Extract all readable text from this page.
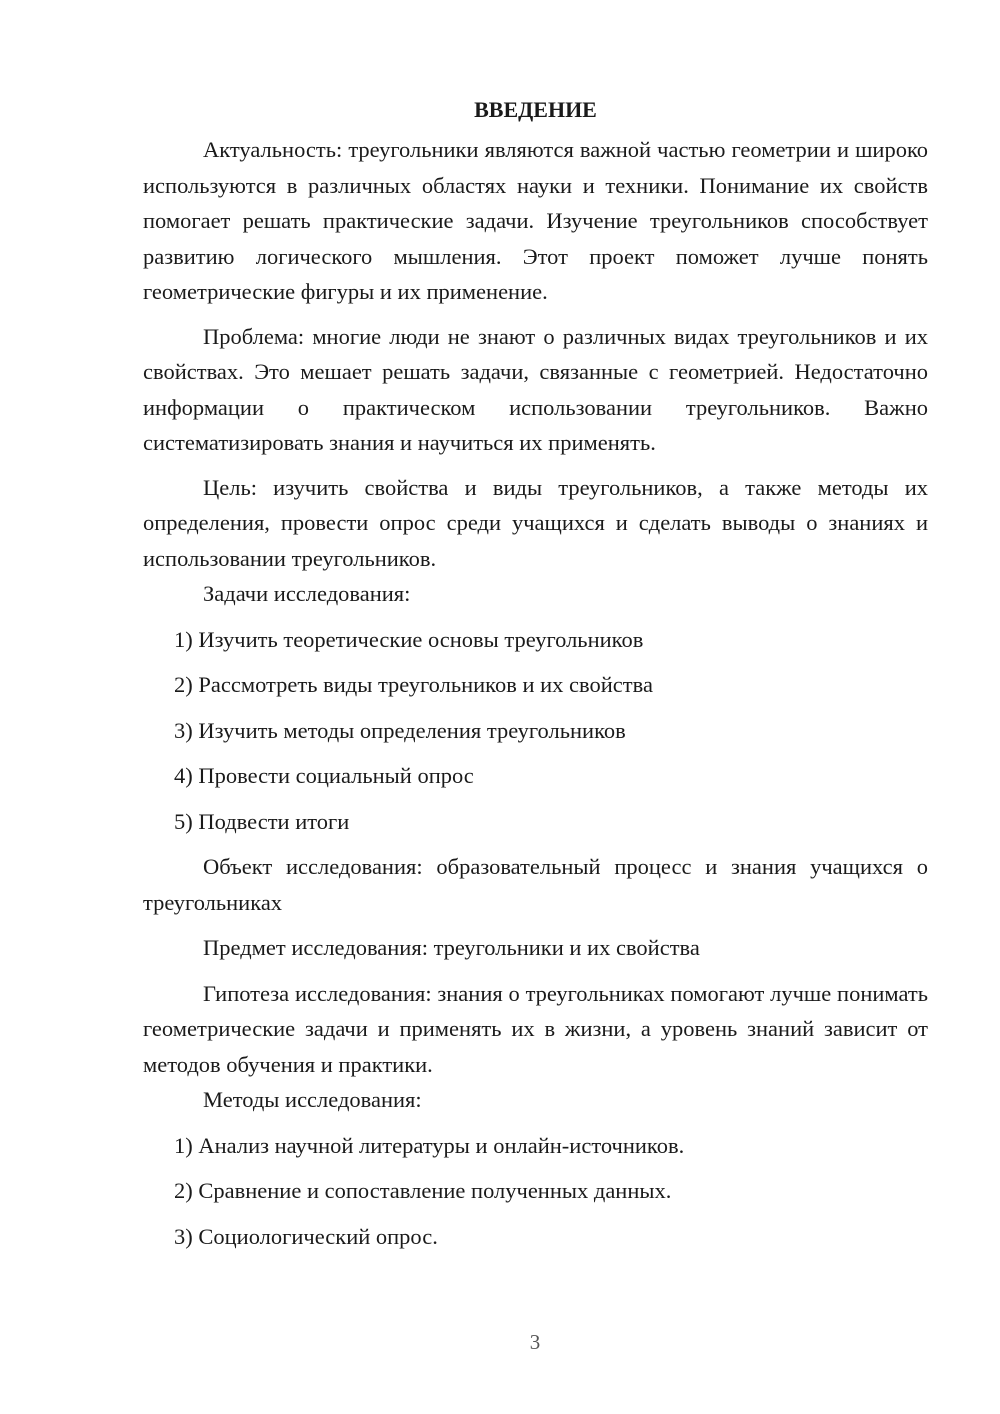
ВВЕДЕНИЕ

Актуальность: треугольники являются важной частью геометрии и широко используются в различных областях науки и техники. Понимание их свойств помогает решать практические задачи. Изучение треугольников способствует развитию логического мышления. Этот проект поможет лучше понять геометрические фигуры и их применение.

Проблема: многие люди не знают о различных видах треугольников и их свойствах. Это мешает решать задачи, связанные с геометрией. Недостаточно информации о практическом использовании треугольников. Важно систематизировать знания и научиться их применять.

Цель: изучить свойства и виды треугольников, а также методы их определения, провести опрос среди учащихся и сделать выводы о знаниях и использовании треугольников.

Задачи исследования:

1) Изучить теоретические основы треугольников

2) Рассмотреть виды треугольников и их свойства

3) Изучить методы определения треугольников

4) Провести социальный опрос

5) Подвести итоги

Объект исследования: образовательный процесс и знания учащихся о треугольниках

Предмет исследования: треугольники и их свойства

Гипотеза исследования: знания о треугольниках помогают лучше понимать геометрические задачи и применять их в жизни, а уровень знаний зависит от методов обучения и практики.

Методы исследования:

1) Анализ научной литературы и онлайн-источников.

2) Сравнение и сопоставление полученных данных.

3) Социологический опрос.

3
